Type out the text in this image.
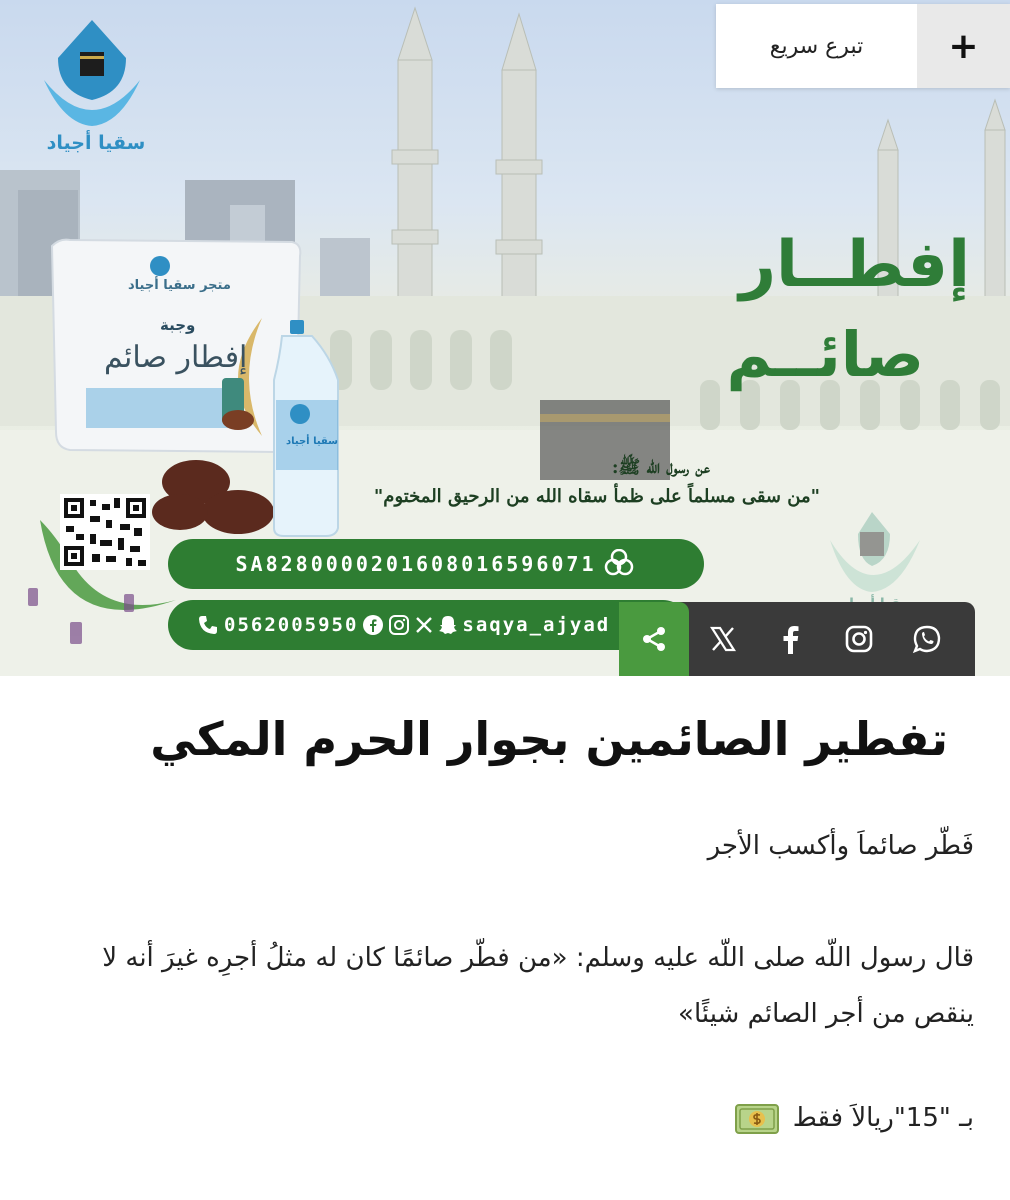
سقيا أجياد
متجر سقيا أجياد
وجبة
إفطار صائم
سقيا أجياد
إفطــار
صائــم
عن رسول الله ﷺ:
"من سقى مسلماً على ظمأ سقاه الله من الرحيق المختوم"
SA8280000201608016596071
0562005950	saqya_ajyad
تبرع سريع	+
تفطير الصائمين بجوار الحرم المكي

فَطّر صائماَ وأكسب الأجر

قال رسول اللّه صلى اللّه عليه وسلم: «من فطّر صائمًا كان له مثلُ أجرِه غيرَ أنه لا ينقص من أجر الصائم شيئًا»

بـ "15"ريالاَ فقط
